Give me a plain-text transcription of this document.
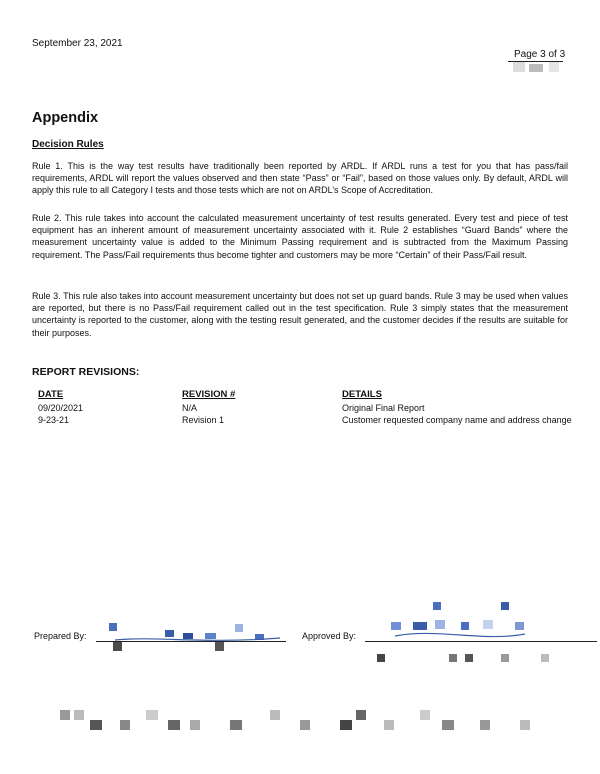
September 23, 2021
Page 3 of 3
Appendix
Decision Rules
Rule 1. This is the way test results have traditionally been reported by ARDL. If ARDL runs a test for you that has pass/fail requirements, ARDL will report the values observed and then state “Pass” or “Fail”, based on those values only. By default, ARDL will apply this rule to all Category I tests and those tests which are not on ARDL’s Scope of Accreditation.
Rule 2. This rule takes into account the calculated measurement uncertainty of test results generated. Every test and piece of test equipment has an inherent amount of measurement uncertainty associated with it. Rule 2 establishes “Guard Bands” where the measurement uncertainty value is added to the Minimum Passing requirement and is subtracted from the Maximum Passing requirement. The Pass/Fail requirements thus become tighter and customers may be more “Certain” of their Pass/Fail result.
Rule 3. This rule also takes into account measurement uncertainty but does not set up guard bands. Rule 3 may be used when values are reported, but there is no Pass/Fail requirement called out in the test specification. Rule 3 simply states that the measurement uncertainty is reported to the customer, along with the testing result generated, and the customer decides if the results are suitable for their purposes.
REPORT REVISIONS:
DATE	REVISION #	DETAILS
09/20/2021	N/A	Original Final Report
9-23-21	Revision 1	Customer requested company name and address change
Prepared By:	Approved By:
